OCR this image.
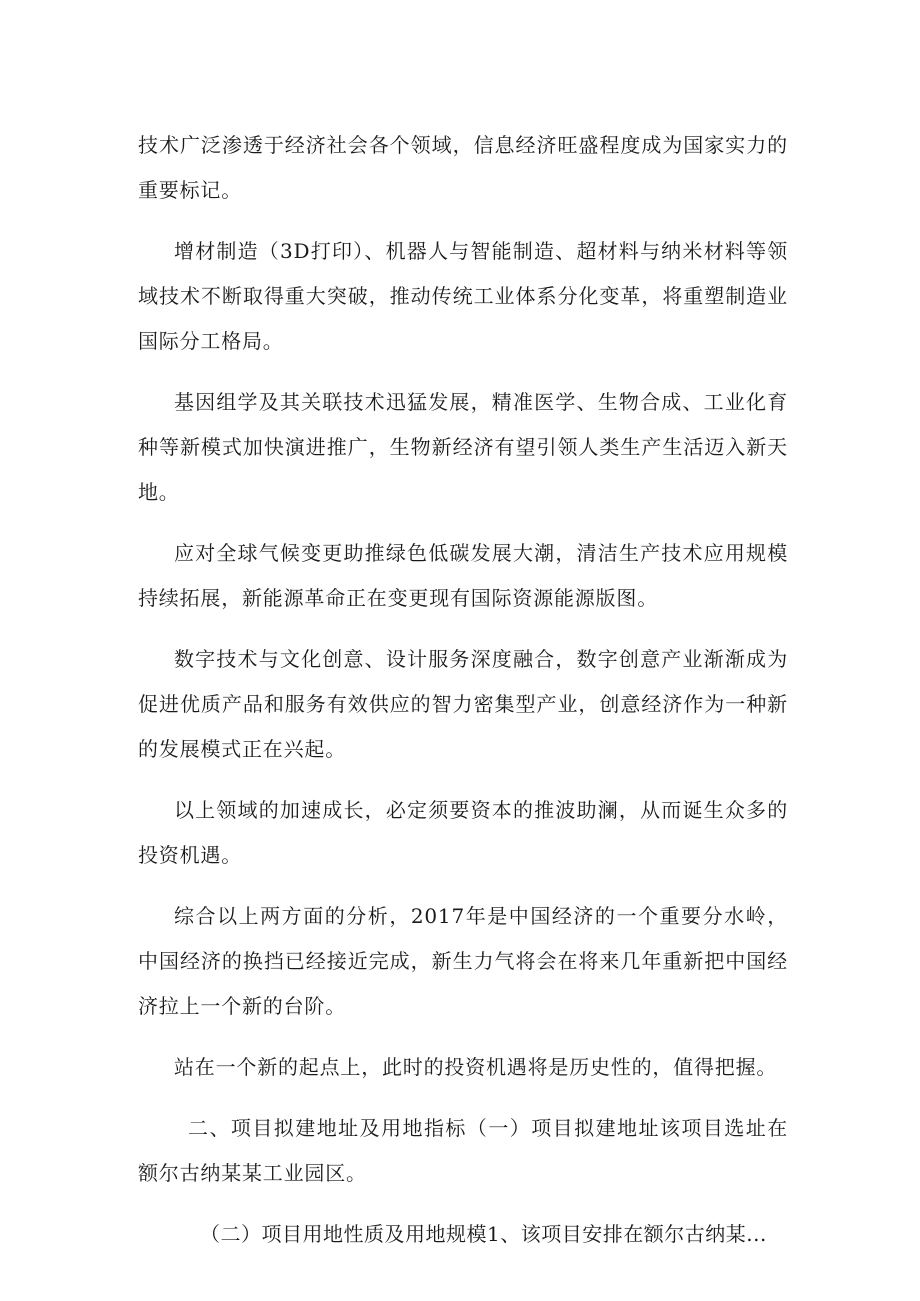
技术广泛渗透于经济社会各个领域，信息经济旺盛程度成为国家实力的重要标记。

增材制造（3D打印）、机器人与智能制造、超材料与纳米材料等领域技术不断取得重大突破，推动传统工业体系分化变革，将重塑制造业国际分工格局。

基因组学及其关联技术迅猛发展，精准医学、生物合成、工业化育种等新模式加快演进推广，生物新经济有望引领人类生产生活迈入新天地。

应对全球气候变更助推绿色低碳发展大潮，清洁生产技术应用规模持续拓展，新能源革命正在变更现有国际资源能源版图。

数字技术与文化创意、设计服务深度融合，数字创意产业渐渐成为促进优质产品和服务有效供应的智力密集型产业，创意经济作为一种新的发展模式正在兴起。

以上领域的加速成长，必定须要资本的推波助澜，从而诞生众多的投资机遇。

综合以上两方面的分析，2017年是中国经济的一个重要分水岭，中国经济的换挡已经接近完成，新生力气将会在将来几年重新把中国经济拉上一个新的台阶。

站在一个新的起点上，此时的投资机遇将是历史性的，值得把握。

二、项目拟建地址及用地指标（一）项目拟建地址该项目选址在额尔古纳某某工业园区。

（二）项目用地性质及用地规模1、该项目安排在额尔古纳某...
